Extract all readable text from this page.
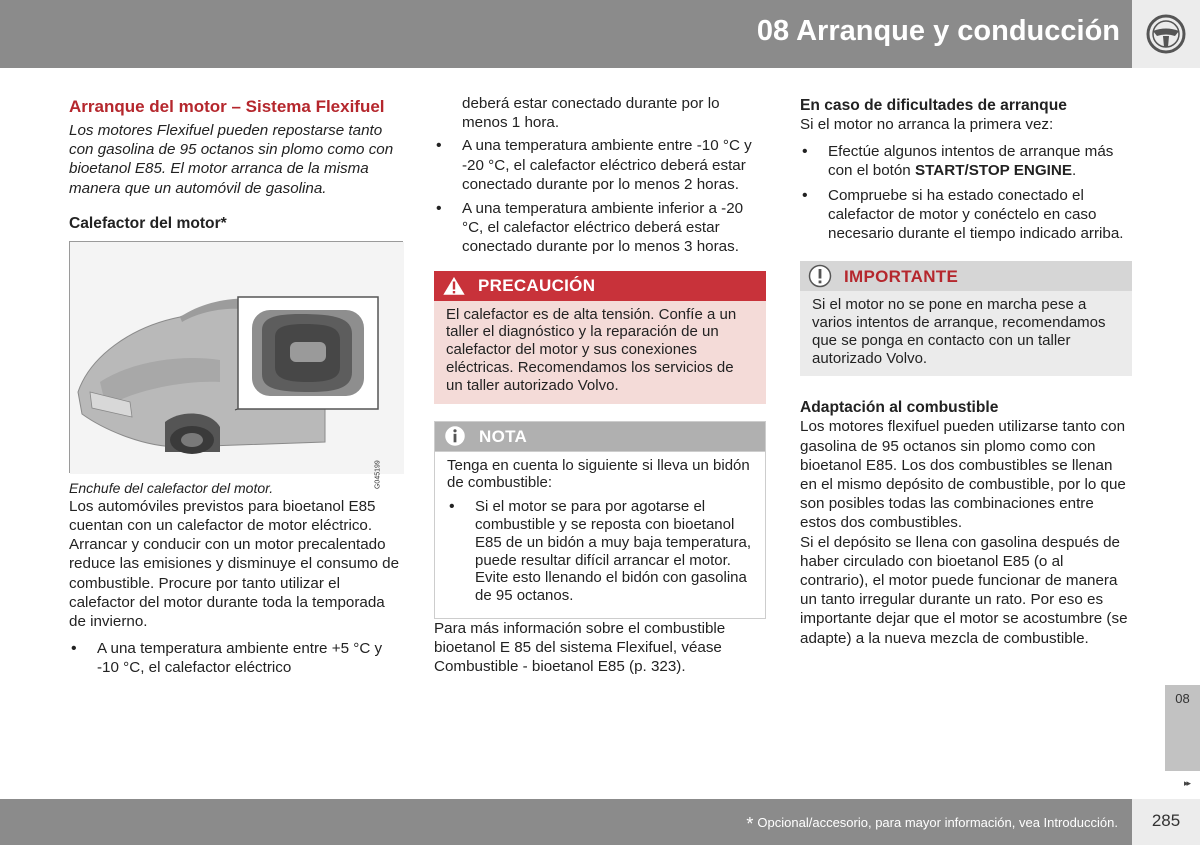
08 Arranque y conducción
Arranque del motor – Sistema Flexifuel
Los motores Flexifuel pueden repostarse tanto con gasolina de 95 octanos sin plomo como con bioetanol E85. El motor arranca de la misma manera que un automóvil de gasolina.
Calefactor del motor*
G045199
Enchufe del calefactor del motor.

Los automóviles previstos para bioetanol E85 cuentan con un calefactor de motor eléctrico. Arrancar y conducir con un motor precalentado reduce las emisiones y disminuye el consumo de combustible. Procure por tanto utilizar el calefactor del motor durante toda la temporada de invierno.

• A una temperatura ambiente entre +5 °C y -10 °C, el calefactor eléctrico
deberá estar conectado durante por lo menos 1 hora.
• A una temperatura ambiente entre -10 °C y -20 °C, el calefactor eléctrico deberá estar conectado durante por lo menos 2 horas.
• A una temperatura ambiente inferior a -20 °C, el calefactor eléctrico deberá estar conectado durante por lo menos 3 horas.
PRECAUCIÓN
El calefactor es de alta tensión. Confíe a un taller el diagnóstico y la reparación de un calefactor del motor y sus conexiones eléctricas. Recomendamos los servicios de un taller autorizado Volvo.
NOTA
Tenga en cuenta lo siguiente si lleva un bidón de combustible:
• Si el motor se para por agotarse el combustible y se reposta con bioetanol E85 de un bidón a muy baja temperatura, puede resultar difícil arrancar el motor. Evite esto llenando el bidón con gasolina de 95 octanos.

Para más información sobre el combustible bioetanol E 85 del sistema Flexifuel, véase Combustible - bioetanol E85 (p. 323).

En caso de dificultades de arranque
Si el motor no arranca la primera vez:
• Efectúe algunos intentos de arranque más con el botón START/STOP ENGINE.
• Compruebe si ha estado conectado el calefactor de motor y conéctelo en caso necesario durante el tiempo indicado arriba.
IMPORTANTE
Si el motor no se pone en marcha pese a varios intentos de arranque, recomendamos que se ponga en contacto con un taller autorizado Volvo.
Adaptación al combustible

Los motores flexifuel pueden utilizarse tanto con gasolina de 95 octanos sin plomo como con bioetanol E85. Los dos combustibles se llenan en el mismo depósito de combustible, por lo que son posibles todas las combinaciones entre estos dos combustibles.

Si el depósito se llena con gasolina después de haber circulado con bioetanol E85 (o al contrario), el motor puede funcionar de manera un tanto irregular durante un rato. Por eso es importante dejar que el motor se acostumbre (se adapte) a la nueva mezcla de combustible.

08
▸▸
* Opcional/accesorio, para mayor información, vea Introducción.	285
